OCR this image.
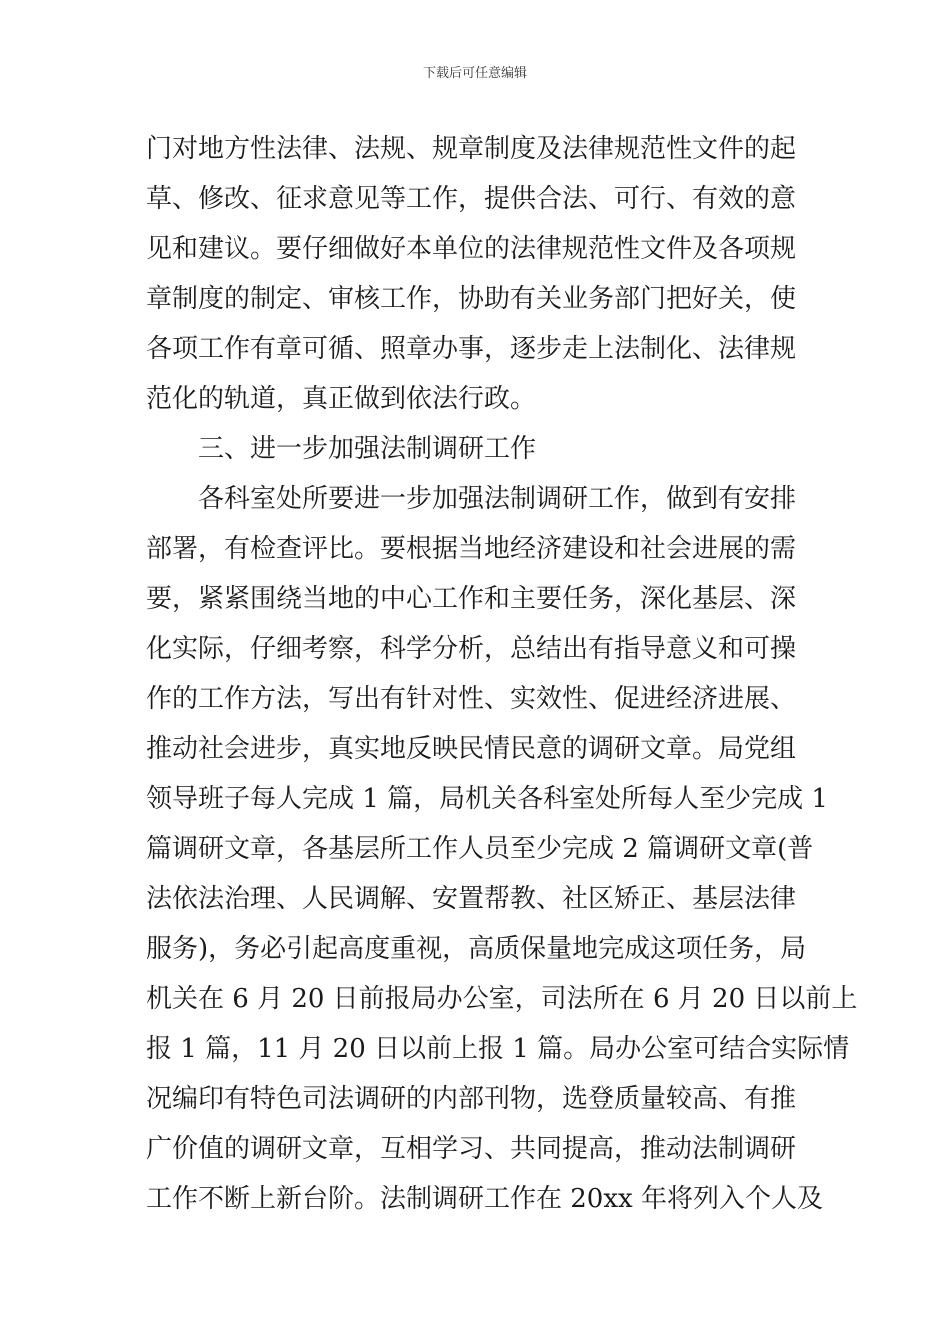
下载后可任意编辑
门对地方性法律、法规、规章制度及法律规范性文件的起
草、修改、征求意见等工作，提供合法、可行、有效的意
见和建议。要仔细做好本单位的法律规范性文件及各项规
章制度的制定、审核工作，协助有关业务部门把好关，使
各项工作有章可循、照章办事，逐步走上法制化、法律规
范化的轨道，真正做到依法行政。
三、进一步加强法制调研工作
各科室处所要进一步加强法制调研工作，做到有安排
部署，有检查评比。要根据当地经济建设和社会进展的需
要，紧紧围绕当地的中心工作和主要任务，深化基层、深
化实际，仔细考察，科学分析，总结出有指导意义和可操
作的工作方法，写出有针对性、实效性、促进经济进展、
推动社会进步，真实地反映民情民意的调研文章。局党组
领导班子每人完成 1 篇，局机关各科室处所每人至少完成 1
篇调研文章，各基层所工作人员至少完成 2 篇调研文章(普
法依法治理、人民调解、安置帮教、社区矫正、基层法律
服务)，务必引起高度重视，高质保量地完成这项任务，局
机关在 6 月 20 日前报局办公室，司法所在 6 月 20 日以前上
报 1 篇，11 月 20 日以前上报 1 篇。局办公室可结合实际情
况编印有特色司法调研的内部刊物，选登质量较高、有推
广价值的调研文章，互相学习、共同提高，推动法制调研
工作不断上新台阶。法制调研工作在 20xx 年将列入个人及
